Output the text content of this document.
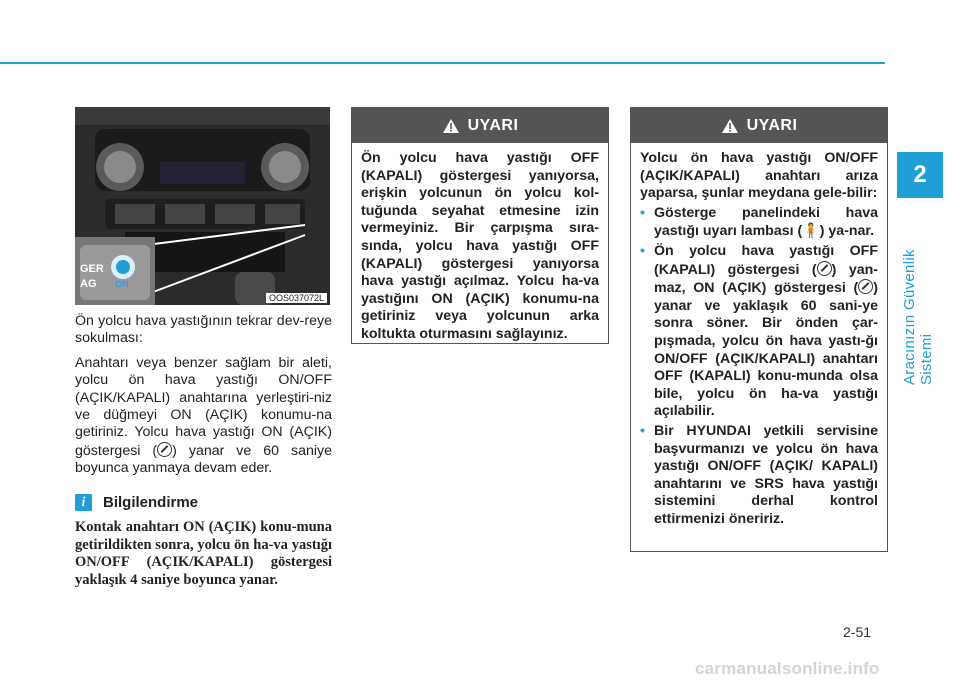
2
Aracınızın Güvenlik Sistemi
GER
AG ON
OOS037072L

Ön yolcu hava yastığının tekrar dev-reye sokulması:

Anahtarı veya benzer sağlam bir aleti, yolcu ön hava yastığı ON/OFF (AÇIK/KAPALI) anahtarına yerleştiri-niz ve düğmeyi ON (AÇIK) konumu-na getiriniz. Yolcu hava yastığı ON (AÇIK) göstergesi ( ) yanar ve 60 saniye boyunca yanmaya devam eder.

i	Bilgilendirme
Kontak anahtarı ON (AÇIK) konu-muna getirildikten sonra, yolcu ön ha-va yastığı ON/OFF (AÇIK/KAPALI) göstergesi yaklaşık 4 saniye boyunca yanar.
UYARI
Ön yolcu hava yastığı OFF (KAPALI) göstergesi yanıyorsa, erişkin yolcunun ön yolcu kol-tuğunda seyahat etmesine izin vermeyiniz. Bir çarpışma sıra-sında, yolcu hava yastığı OFF (KAPALI) göstergesi yanıyorsa hava yastığı açılmaz. Yolcu ha-va yastığını ON (AÇIK) konumu-na getiriniz veya yolcunun arka koltukta oturmasını sağlayınız.
UYARI
Yolcu ön hava yastığı ON/OFF (AÇIK/KAPALI) anahtarı arıza yaparsa, şunlar meydana gele-bilir:
• Gösterge panelindeki hava yastığı uyarı lambası (🧍) ya-nar.
• Ön yolcu hava yastığı OFF (KAPALI) göstergesi ( ) yan-maz, ON (AÇIK) göstergesi ( ) yanar ve yaklaşık 60 sani-ye sonra söner. Bir önden çar-pışmada, yolcu ön hava yastı-ğı ON/OFF (AÇIK/KAPALI) anahtarı OFF (KAPALI) konu-munda olsa bile, yolcu ön ha-va yastığı açılabilir.
• Bir HYUNDAI yetkili servisine başvurmanızı ve yolcu ön hava yastığı ON/OFF (AÇIK/ KAPALI) anahtarını ve SRS hava yastığı sistemini derhal kontrol ettirmenizi öneririz.
2-51
carmanualsonline.info
